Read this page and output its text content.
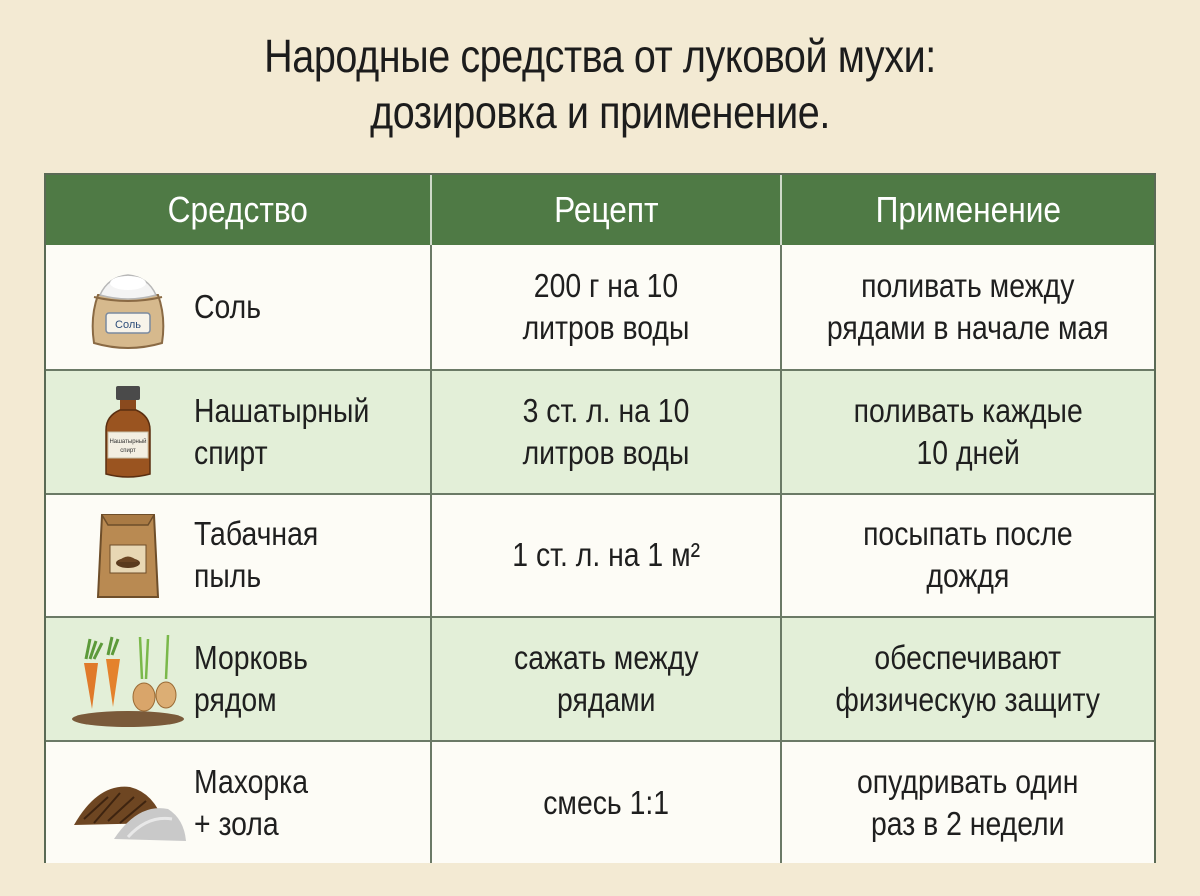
Народные средства от луковой мухи:
дозировка и применение.
Средство	Рецепт	Применение
Соль Соль
200 г на 10
литров воды
поливать между
рядами в начале мая
Нашатырный
спирт
Нашатырный
спирт
3 ст. л. на 10
литров воды
поливать каждые
10 дней
Табачная
пыль
1 ст. л. на 1 м²
посыпать после
дождя
Морковь
рядом
сажать между
рядами
обеспечивают
физическую защиту
Махорка
+ зола
смесь 1:1
опудривать один
раз в 2 недели
